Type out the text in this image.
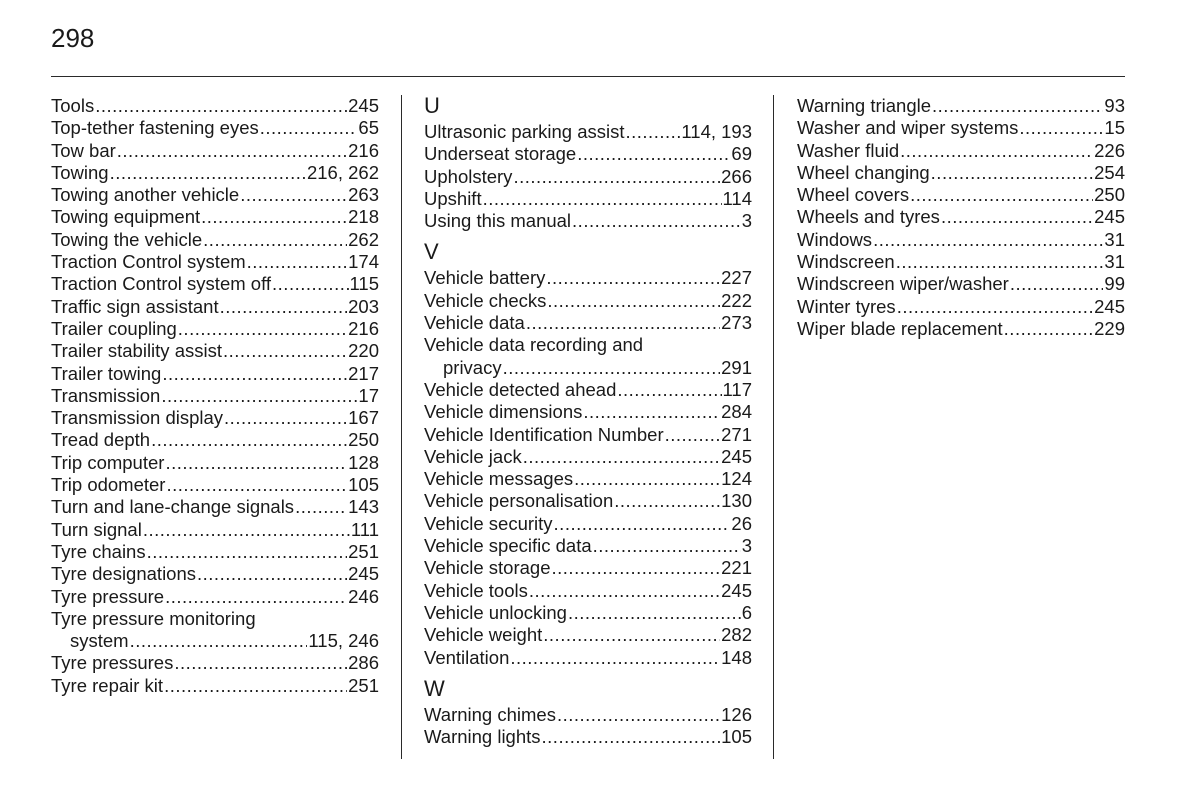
298
Tools .....	245
Top-tether fastening eyes .....	65
Tow bar .....	216
Towing .....	216, 262
Towing another vehicle .....	263
Towing equipment .....	218
Towing the vehicle .....	262
Traction Control system .....	174
Traction Control system off .....	115
Traffic sign assistant .....	203
Trailer coupling .....	216
Trailer stability assist .....	220
Trailer towing .....	217
Transmission .....	17
Transmission display .....	167
Tread depth .....	250
Trip computer .....	128
Trip odometer .....	105
Turn and lane-change signals .....	143
Turn signal .....	111
Tyre chains .....	251
Tyre designations .....	245
Tyre pressure .....	246
Tyre pressure monitoring
system .....	115, 246
Tyre pressures .....	286
Tyre repair kit .....	251
U
Ultrasonic parking assist .....	114, 193
Underseat storage .....	69
Upholstery .....	266
Upshift .....	114
Using this manual .....	3
V
Vehicle battery .....	227
Vehicle checks .....	222
Vehicle data .....	273
Vehicle data recording and
privacy .....	291
Vehicle detected ahead .....	117
Vehicle dimensions .....	284
Vehicle Identification Number .....	271
Vehicle jack .....	245
Vehicle messages .....	124
Vehicle personalisation .....	130
Vehicle security .....	26
Vehicle specific data .....	3
Vehicle storage .....	221
Vehicle tools .....	245
Vehicle unlocking .....	6
Vehicle weight .....	282
Ventilation .....	148
W
Warning chimes .....	126
Warning lights .....	105
Warning triangle .....	93
Washer and wiper systems .....	15
Washer fluid .....	226
Wheel changing .....	254
Wheel covers .....	250
Wheels and tyres .....	245
Windows .....	31
Windscreen .....	31
Windscreen wiper/washer .....	99
Winter tyres .....	245
Wiper blade replacement .....	229
